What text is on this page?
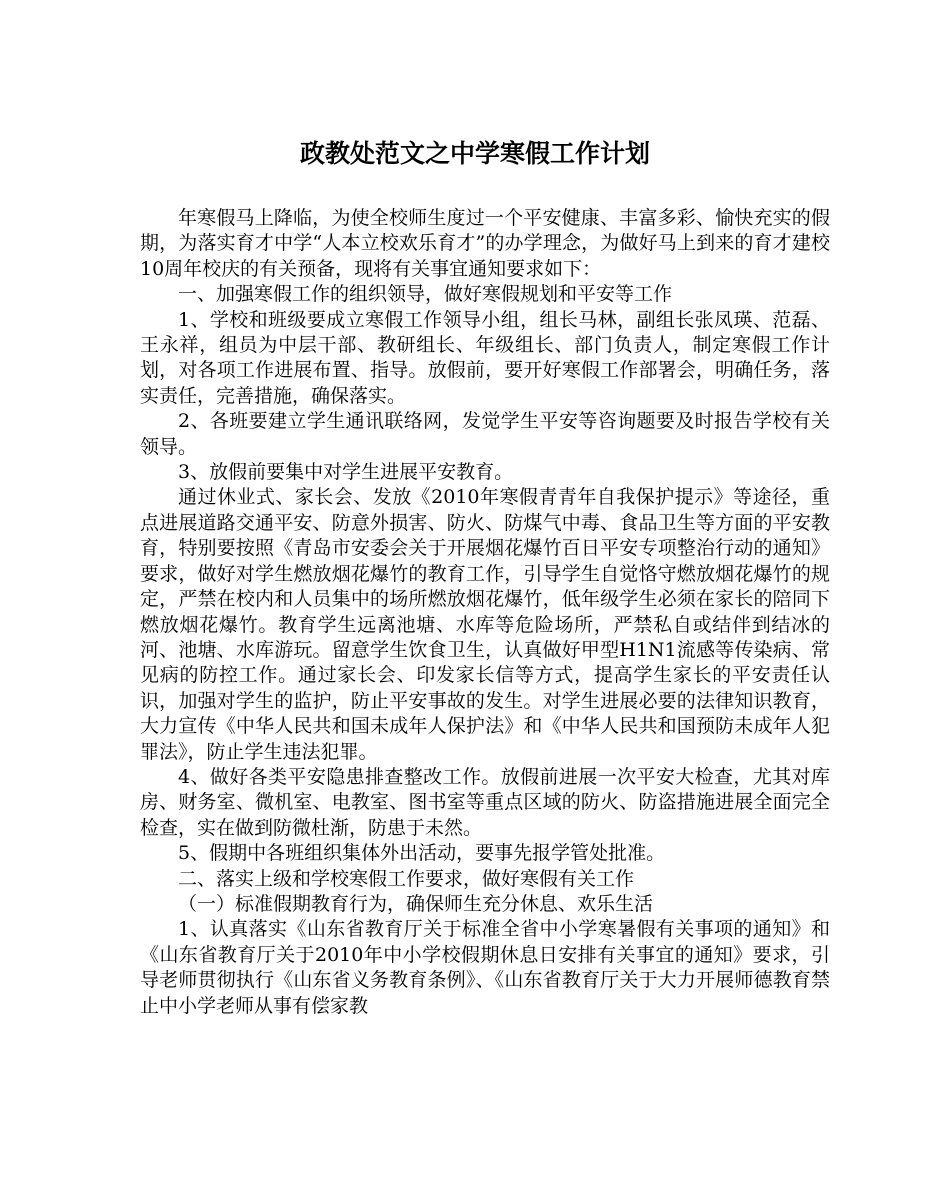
政教处范文之中学寒假工作计划

年寒假马上降临，为使全校师生度过一个平安健康、丰富多彩、愉快充实的假期，为落实育才中学“人本立校欢乐育才”的办学理念，为做好马上到来的育才建校10周年校庆的有关预备，现将有关事宜通知要求如下：

一、加强寒假工作的组织领导，做好寒假规划和平安等工作

1、学校和班级要成立寒假工作领导小组，组长马林，副组长张凤瑛、范磊、王永祥，组员为中层干部、教研组长、年级组长、部门负责人，制定寒假工作计划，对各项工作进展布置、指导。放假前，要开好寒假工作部署会，明确任务，落实责任，完善措施，确保落实。

2、各班要建立学生通讯联络网，发觉学生平安等咨询题要及时报告学校有关领导。

3、放假前要集中对学生进展平安教育。

通过休业式、家长会、发放《2010年寒假青青年自我保护提示》等途径，重点进展道路交通平安、防意外损害、防火、防煤气中毒、食品卫生等方面的平安教育，特别要按照《青岛市安委会关于开展烟花爆竹百日平安专项整治行动的通知》要求，做好对学生燃放烟花爆竹的教育工作，引导学生自觉恪守燃放烟花爆竹的规定，严禁在校内和人员集中的场所燃放烟花爆竹，低年级学生必须在家长的陪同下燃放烟花爆竹。教育学生远离池塘、水库等危险场所，严禁私自或结伴到结冰的河、池塘、水库游玩。留意学生饮食卫生，认真做好甲型H1N1流感等传染病、常见病的防控工作。通过家长会、印发家长信等方式，提高学生家长的平安责任认识，加强对学生的监护，防止平安事故的发生。对学生进展必要的法律知识教育，大力宣传《中华人民共和国未成年人保护法》和《中华人民共和国预防未成年人犯罪法》，防止学生违法犯罪。

4、做好各类平安隐患排查整改工作。放假前进展一次平安大检查，尤其对库房、财务室、微机室、电教室、图书室等重点区域的防火、防盗措施进展全面完全检查，实在做到防微杜渐，防患于未然。

5、假期中各班组织集体外出活动，要事先报学管处批准。

二、落实上级和学校寒假工作要求，做好寒假有关工作

（一）标准假期教育行为，确保师生充分休息、欢乐生活

1、认真落实《山东省教育厅关于标准全省中小学寒暑假有关事项的通知》和《山东省教育厅关于2010年中小学校假期休息日安排有关事宜的通知》要求，引导老师贯彻执行《山东省义务教育条例》、《山东省教育厅关于大力开展师德教育禁止中小学老师从事有偿家教
